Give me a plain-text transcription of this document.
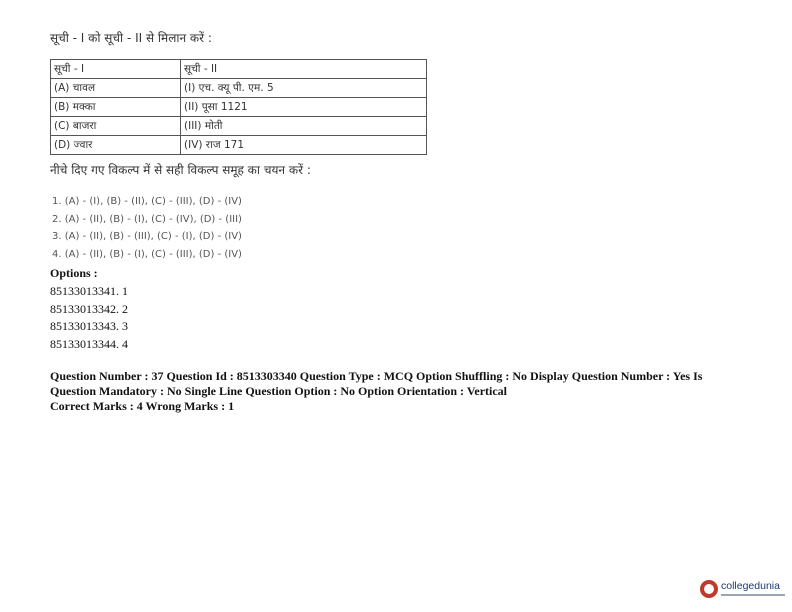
सूची - I को सूची - II से मिलान करें :
सूची - I	सूची - II
(A) चावल	(I) एच. क्यू पी. एम. 5
(B) मक्का	(II) पूसा 1121
(C) बाजरा	(III) मोती
(D) ज्वार	(IV) राज 171
नीचे दिए गए विकल्प में से सही विकल्प समूह का चयन करें :
1. (A) - (I), (B) - (II), (C) - (III), (D) - (IV)
2. (A) - (II), (B) - (I), (C) - (IV), (D) - (III)
3. (A) - (II), (B) - (III), (C) - (I), (D) - (IV)
4. (A) - (II), (B) - (I), (C) - (III), (D) - (IV)
Options :
85133013341. 1
85133013342. 2
85133013343. 3
85133013344. 4
Question Number : 37 Question Id : 8513303340 Question Type : MCQ Option Shuffling : No Display Question Number : Yes Is Question Mandatory : No Single Line Question Option : No Option Orientation : Vertical
Correct Marks : 4 Wrong Marks : 1
collegedunia
